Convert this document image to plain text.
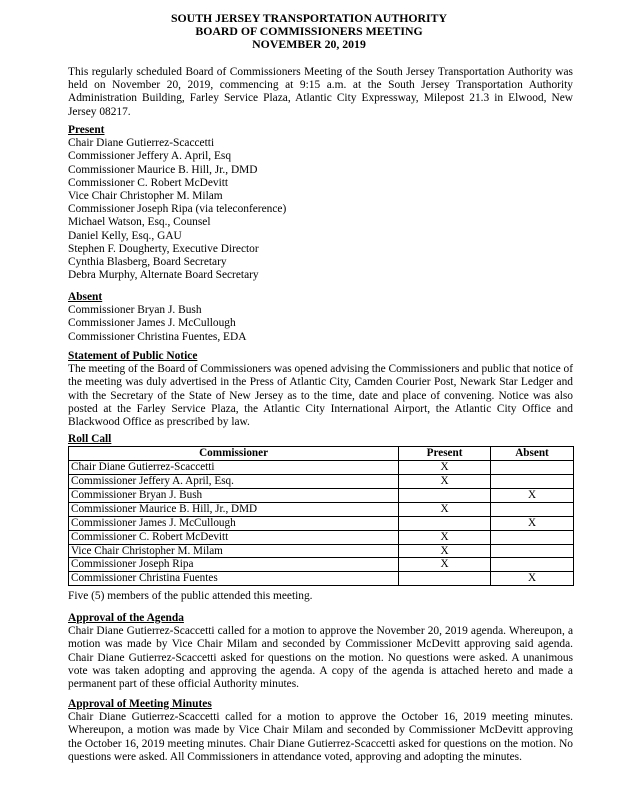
SOUTH JERSEY TRANSPORTATION AUTHORITY
BOARD OF COMMISSIONERS MEETING
NOVEMBER 20, 2019
This regularly scheduled Board of Commissioners Meeting of the South Jersey Transportation Authority was held on November 20, 2019, commencing at 9:15 a.m. at the South Jersey Transportation Authority Administration Building, Farley Service Plaza, Atlantic City Expressway, Milepost 21.3 in Elwood, New Jersey 08217.
Present
Chair Diane Gutierrez-Scaccetti
Commissioner Jeffery A. April, Esq
Commissioner Maurice B. Hill, Jr., DMD
Commissioner C. Robert McDevitt
Vice Chair Christopher M. Milam
Commissioner Joseph Ripa (via teleconference)
Michael Watson, Esq., Counsel
Daniel Kelly, Esq., GAU
Stephen F. Dougherty, Executive Director
Cynthia Blasberg, Board Secretary
Debra Murphy, Alternate Board Secretary
Absent
Commissioner Bryan J. Bush
Commissioner James J. McCullough
Commissioner Christina Fuentes, EDA
Statement of Public Notice
The meeting of the Board of Commissioners was opened advising the Commissioners and public that notice of the meeting was duly advertised in the Press of Atlantic City, Camden Courier Post, Newark Star Ledger and with the Secretary of the State of New Jersey as to the time, date and place of convening. Notice was also posted at the Farley Service Plaza, the Atlantic City International Airport, the Atlantic City Office and Blackwood Office as prescribed by law.
Roll Call
Commissioner	Present	Absent
Chair Diane Gutierrez-Scaccetti	X	
Commissioner Jeffery A. April, Esq.	X	
Commissioner Bryan J. Bush		X
Commissioner Maurice B. Hill, Jr., DMD	X	
Commissioner James J. McCullough		X
Commissioner C. Robert McDevitt	X	
Vice Chair Christopher M. Milam	X	
Commissioner Joseph Ripa	X	
Commissioner Christina Fuentes		X
Five (5) members of the public attended this meeting.
Approval of the Agenda
Chair Diane Gutierrez-Scaccetti called for a motion to approve the November 20, 2019 agenda. Whereupon, a motion was made by Vice Chair Milam and seconded by Commissioner McDevitt approving said agenda. Chair Diane Gutierrez-Scaccetti asked for questions on the motion. No questions were asked. A unanimous vote was taken adopting and approving the agenda. A copy of the agenda is attached hereto and made a permanent part of these official Authority minutes.
Approval of Meeting Minutes
Chair Diane Gutierrez-Scaccetti called for a motion to approve the October 16, 2019 meeting minutes. Whereupon, a motion was made by Vice Chair Milam and seconded by Commissioner McDevitt approving the October 16, 2019 meeting minutes. Chair Diane Gutierrez-Scaccetti asked for questions on the motion. No questions were asked. All Commissioners in attendance voted, approving and adopting the minutes.
